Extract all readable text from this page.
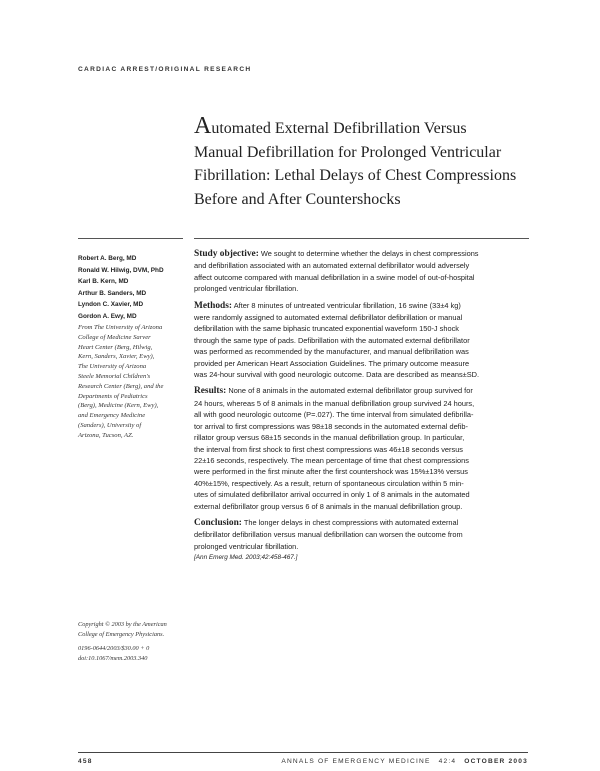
CARDIAC ARREST/ORIGINAL RESEARCH
Automated External Defibrillation Versus
Manual Defibrillation for Prolonged Ventricular
Fibrillation: Lethal Delays of Chest Compressions
Before and After Countershocks
Robert A. Berg, MD
Ronald W. Hilwig, DVM, PhD
Karl B. Kern, MD
Arthur B. Sanders, MD
Lyndon C. Xavier, MD
Gordon A. Ewy, MD
From The University of Arizona
College of Medicine Sarver
Heart Center (Berg, Hilwig,
Kern, Sanders, Xavier, Ewy),
The University of Arizona
Steele Memorial Children's
Research Center (Berg), and the
Departments of Pediatrics
(Berg), Medicine (Kern, Ewy),
and Emergency Medicine
(Sanders), University of
Arizona, Tucson, AZ.
Study objective: We sought to determine whether the delays in chest compressions
and defibrillation associated with an automated external defibrillator would adversely
affect outcome compared with manual defibrillation in a swine model of out-of-hospital
prolonged ventricular fibrillation.
Methods: After 8 minutes of untreated ventricular fibrillation, 16 swine (33±4 kg)
were randomly assigned to automated external defibrillator defibrillation or manual
defibrillation with the same biphasic truncated exponential waveform 150-J shock
through the same type of pads. Defibrillation with the automated external defibrillator
was performed as recommended by the manufacturer, and manual defibrillation was
provided per American Heart Association Guidelines. The primary outcome measure
was 24-hour survival with good neurologic outcome. Data are described as means±SD.
Results: None of 8 animals in the automated external defibrillator group survived for
24 hours, whereas 5 of 8 animals in the manual defibrillation group survived 24 hours,
all with good neurologic outcome (P=.027). The time interval from simulated defibrilla-
tor arrival to first compressions was 98±18 seconds in the automated external defib-
rillator group versus 68±15 seconds in the manual defibrillation group. In particular,
the interval from first shock to first chest compressions was 46±18 seconds versus
22±16 seconds, respectively. The mean percentage of time that chest compressions
were performed in the first minute after the first countershock was 15%±13% versus
40%±15%, respectively. As a result, return of spontaneous circulation within 5 min-
utes of simulated defibrillator arrival occurred in only 1 of 8 animals in the automated
external defibrillator group versus 6 of 8 animals in the manual defibrillation group.
Conclusion: The longer delays in chest compressions with automated external
defibrillator defibrillation versus manual defibrillation can worsen the outcome from
prolonged ventricular fibrillation.
[Ann Emerg Med. 2003;42:458-467.]
Copyright © 2003 by the American
College of Emergency Physicians.
0196-0644/2003/$30.00 + 0
doi:10.1067/mem.2003.340
458	ANNALS OF EMERGENCY MEDICINE 42:4 OCTOBER 2003
